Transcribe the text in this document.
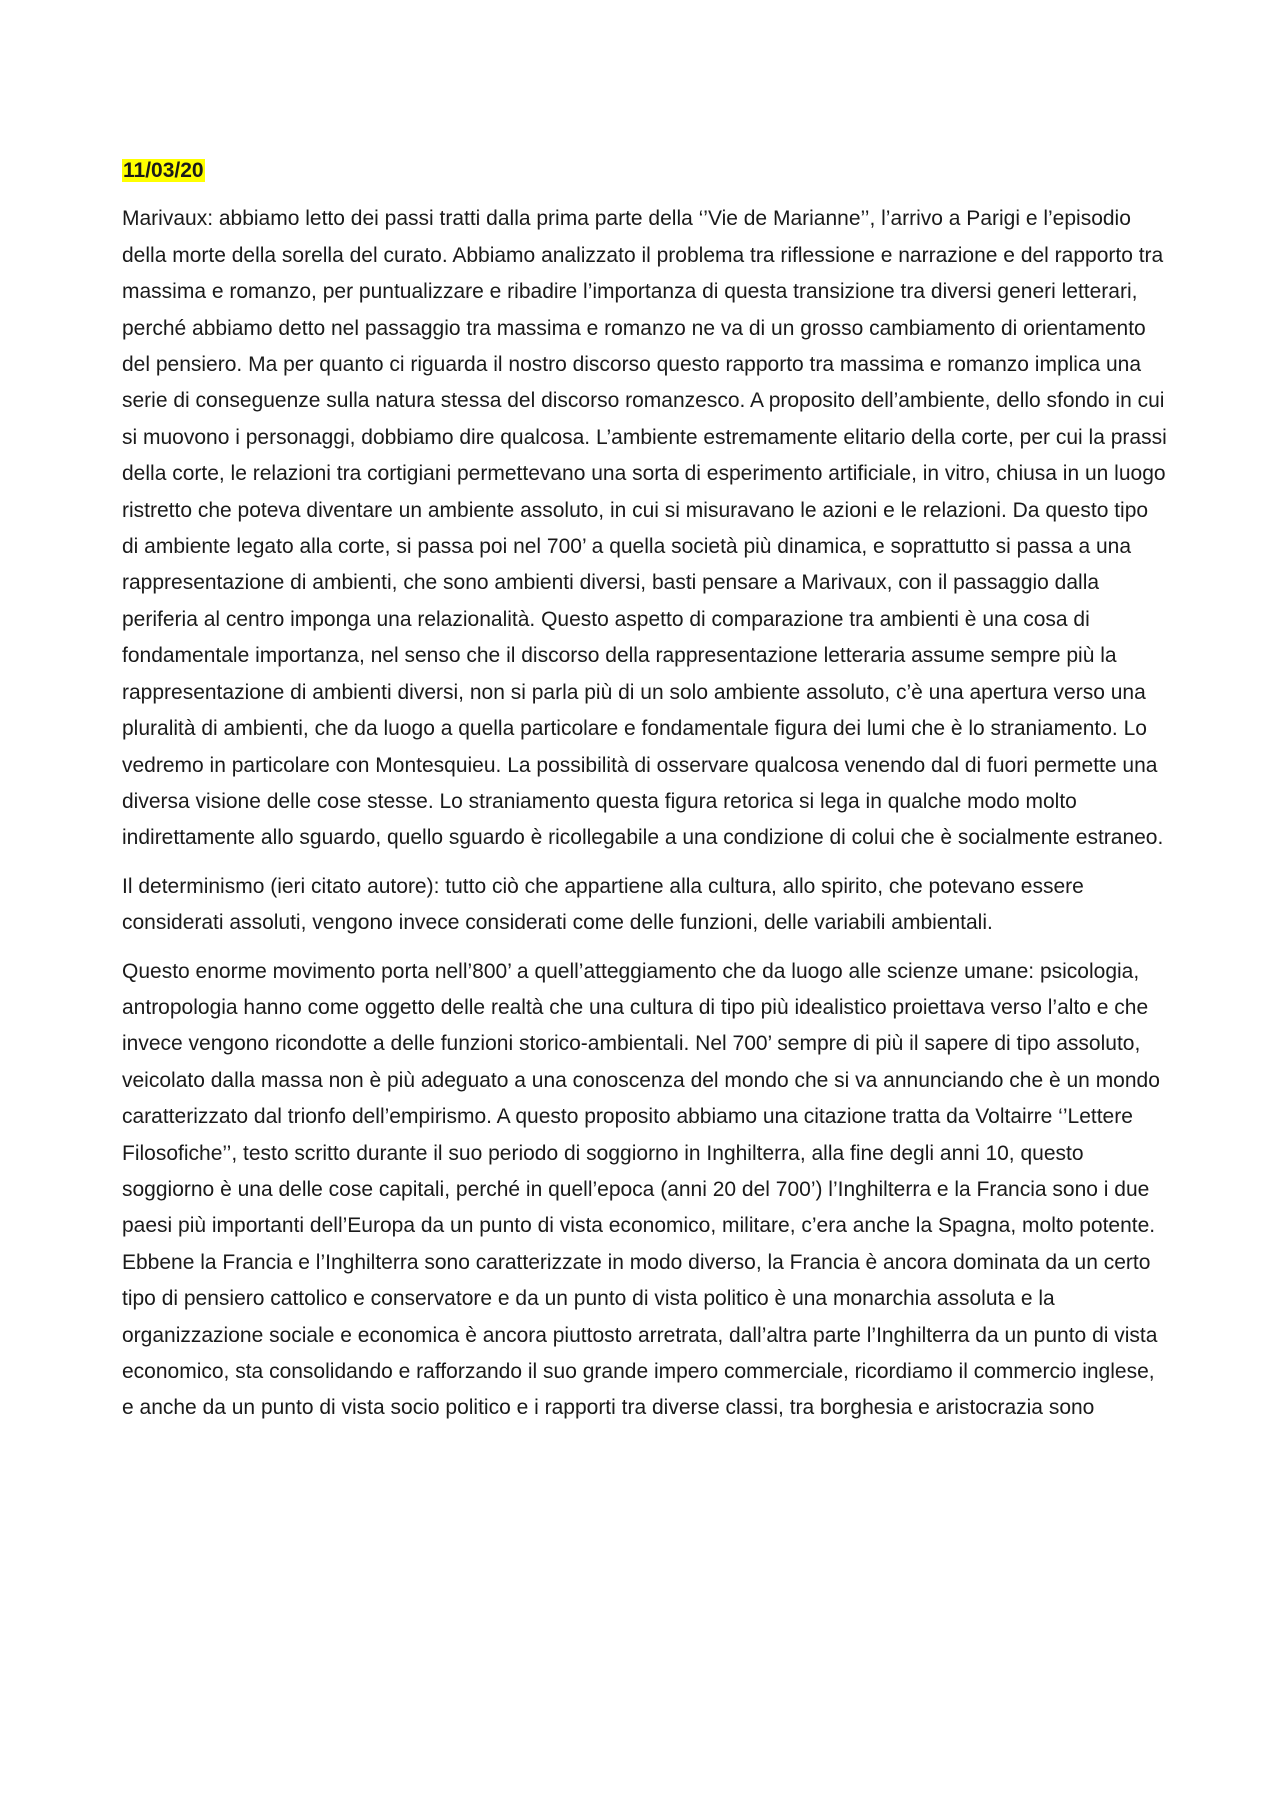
11/03/20

Marivaux: abbiamo letto dei passi tratti dalla prima parte della ‘’Vie de Marianne’’, l’arrivo a Parigi e l’episodio della morte della sorella del curato. Abbiamo analizzato il problema tra riflessione e narrazione e del rapporto tra massima e romanzo, per puntualizzare e ribadire l’importanza di questa transizione tra diversi generi letterari, perché abbiamo detto nel passaggio tra massima e romanzo ne va di un grosso cambiamento di orientamento del pensiero. Ma per quanto ci riguarda il nostro discorso questo rapporto tra massima e romanzo implica una serie di conseguenze sulla natura stessa del discorso romanzesco. A proposito dell’ambiente, dello sfondo in cui si muovono i personaggi, dobbiamo dire qualcosa. L’ambiente estremamente elitario della corte, per cui la prassi della corte, le relazioni tra cortigiani permettevano una sorta di esperimento artificiale, in vitro, chiusa in un luogo ristretto che poteva diventare un ambiente assoluto, in cui si misuravano le azioni e le relazioni. Da questo tipo di ambiente legato alla corte, si passa poi nel 700’ a quella società più dinamica, e soprattutto si passa a una rappresentazione di ambienti, che sono ambienti diversi, basti pensare a Marivaux, con il passaggio dalla periferia al centro imponga una relazionalità. Questo aspetto di comparazione tra ambienti è una cosa di fondamentale importanza, nel senso che il discorso della rappresentazione letteraria assume sempre più la rappresentazione di ambienti diversi, non si parla più di un solo ambiente assoluto, c’è una apertura verso una pluralità di ambienti, che da luogo a quella particolare e fondamentale figura dei lumi che è lo straniamento. Lo vedremo in particolare con Montesquieu. La possibilità di osservare qualcosa venendo dal di fuori permette una diversa visione delle cose stesse. Lo straniamento questa figura retorica si lega in qualche modo molto indirettamente allo sguardo, quello sguardo è ricollegabile a una condizione di colui che è socialmente estraneo.

Il determinismo (ieri citato autore): tutto ciò che appartiene alla cultura, allo spirito, che potevano essere considerati assoluti, vengono invece considerati come delle funzioni, delle variabili ambientali.

Questo enorme movimento porta nell’800’ a quell’atteggiamento che da luogo alle scienze umane: psicologia, antropologia hanno come oggetto delle realtà che una cultura di tipo più idealistico proiettava verso l’alto e che invece vengono ricondotte a delle funzioni storico-ambientali. Nel 700’ sempre di più il sapere di tipo assoluto, veicolato dalla massa non è più adeguato a una conoscenza del mondo che si va annunciando che è un mondo caratterizzato dal trionfo dell’empirismo. A questo proposito abbiamo una citazione tratta da Voltairre ‘’Lettere Filosofiche’’, testo scritto durante il suo periodo di soggiorno in Inghilterra, alla fine degli anni 10, questo soggiorno è una delle cose capitali, perché in quell’epoca (anni 20 del 700’) l’Inghilterra e la Francia sono i due paesi più importanti dell’Europa da un punto di vista economico, militare, c’era anche la Spagna, molto potente. Ebbene la Francia e l’Inghilterra sono caratterizzate in modo diverso, la Francia è ancora dominata da un certo tipo di pensiero cattolico e conservatore e da un punto di vista politico è una monarchia assoluta e la organizzazione sociale e economica è ancora piuttosto arretrata, dall’altra parte l’Inghilterra da un punto di vista economico, sta consolidando e rafforzando il suo grande impero commerciale, ricordiamo il commercio inglese, e anche da un punto di vista socio politico e i rapporti tra diverse classi, tra borghesia e aristocrazia sono
